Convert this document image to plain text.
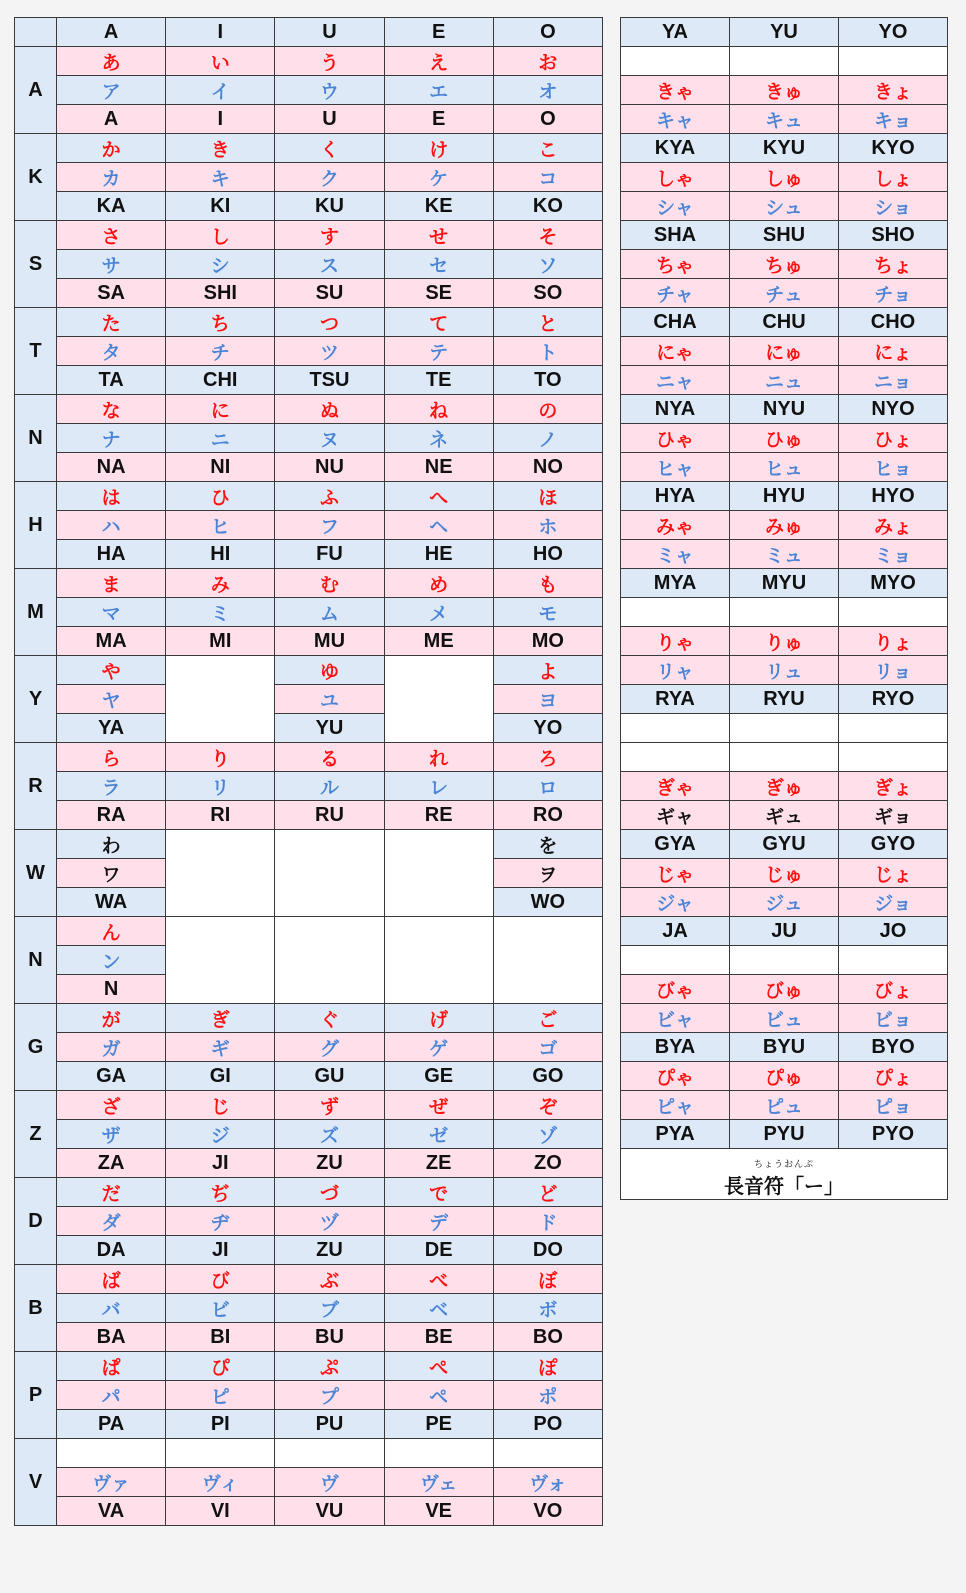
	A	I	U	E	O
A	あ	い	う	え	お
	ア	イ	ウ	エ	オ
	A	I	U	E	O
K	か	き	く	け	こ
	カ	キ	ク	ケ	コ
	KA	KI	KU	KE	KO
S	さ	し	す	せ	そ
	サ	シ	ス	セ	ソ
	SA	SHI	SU	SE	SO
T	た	ち	つ	て	と
	タ	チ	ツ	テ	ト
	TA	CHI	TSU	TE	TO
N	な	に	ぬ	ね	の
	ナ	ニ	ヌ	ネ	ノ
	NA	NI	NU	NE	NO
H	は	ひ	ふ	へ	ほ
	ハ	ヒ	フ	ヘ	ホ
	HA	HI	FU	HE	HO
M	ま	み	む	め	も
	マ	ミ	ム	メ	モ
	MA	MI	MU	ME	MO
Y	や		ゆ		よ
	ヤ		ユ		ヨ
	YA		YU		YO
R	ら	り	る	れ	ろ
	ラ	リ	ル	レ	ロ
	RA	RI	RU	RE	RO
W	わ				を
	ワ				ヲ
	WA				WO
N	ん				
	ン				
	N				
G	が	ぎ	ぐ	げ	ご
	ガ	ギ	グ	ゲ	ゴ
	GA	GI	GU	GE	GO
Z	ざ	じ	ず	ぜ	ぞ
	ザ	ジ	ズ	ゼ	ゾ
	ZA	JI	ZU	ZE	ZO
D	だ	ぢ	づ	で	ど
	ダ	ヂ	ヅ	デ	ド
	DA	JI	ZU	DE	DO
B	ば	び	ぶ	べ	ぼ
	バ	ビ	ブ	ベ	ボ
	BA	BI	BU	BE	BO
P	ぱ	ぴ	ぷ	ぺ	ぽ
	パ	ピ	プ	ペ	ポ
	PA	PI	PU	PE	PO
V					
	ヴァ	ヴィ	ヴ	ヴェ	ヴォ
	VA	VI	VU	VE	VO
YA	YU	YO

きゃ	きゅ	きょ
キャ	キュ	キョ
KYA	KYU	KYO
しゃ	しゅ	しょ
シャ	シュ	ショ
SHA	SHU	SHO
ちゃ	ちゅ	ちょ
チャ	チュ	チョ
CHA	CHU	CHO
にゃ	にゅ	にょ
ニャ	ニュ	ニョ
NYA	NYU	NYO
ひゃ	ひゅ	ひょ
ヒャ	ヒュ	ヒョ
HYA	HYU	HYO
みゃ	みゅ	みょ
ミャ	ミュ	ミョ
MYA	MYU	MYO

りゃ	りゅ	りょ
リャ	リュ	リョ
RYA	RYU	RYO

ぎゃ	ぎゅ	ぎょ
ギャ	ギュ	ギョ
GYA	GYU	GYO
じゃ	じゅ	じょ
ジャ	ジュ	ジョ
JA	JU	JO

びゃ	びゅ	びょ
ビャ	ビュ	ビョ
BYA	BYU	BYO
ぴゃ	ぴゅ	ぴょ
ピャ	ピュ	ピョ
PYA	PYU	PYO

ちょうおんぷ
長音符「ー」		
